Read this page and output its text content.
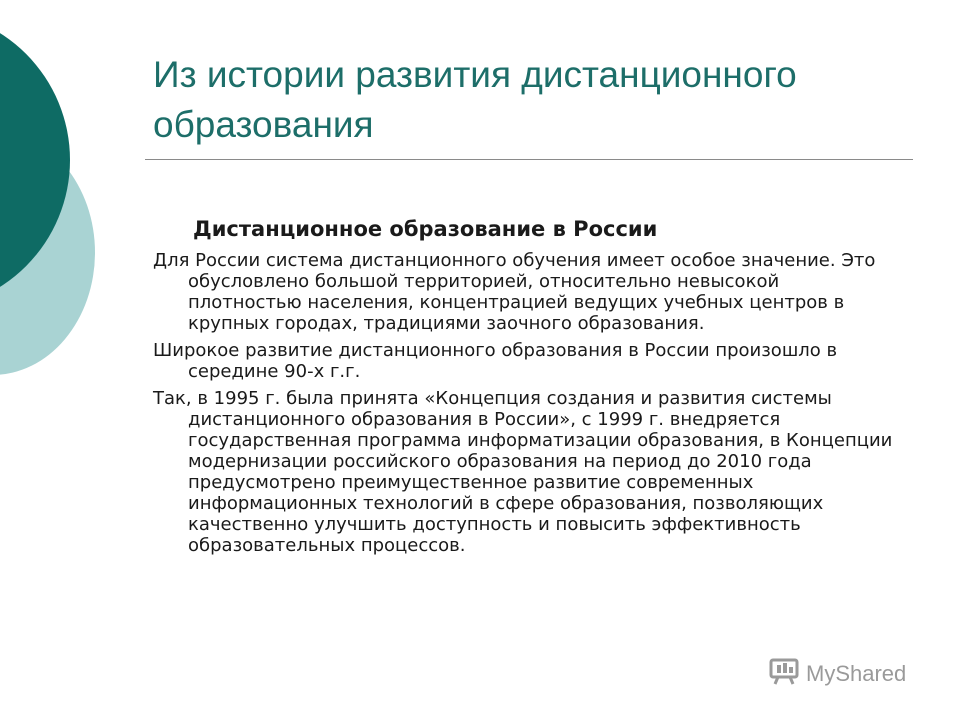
Из истории развития дистанционного образования

Дистанционное образование в России

Для России система дистанционного обучения имеет особое значение. Это обусловлено большой территорией, относительно невысокой плотностью населения, концентрацией ведущих учебных центров в крупных городах, традициями заочного образования.

Широкое развитие дистанционного образования в России произошло в середине 90-х г.г.

Так, в 1995 г. была принята «Концепция создания и развития системы дистанционного образования в России», с 1999 г. внедряется государственная программа информатизации образования, в Концепции модернизации российского образования на период до 2010 года предусмотрено преимущественное развитие современных информационных технологий в сфере образования, позволяющих качественно улучшить доступность и повысить эффективность образовательных процессов.

MyShared
